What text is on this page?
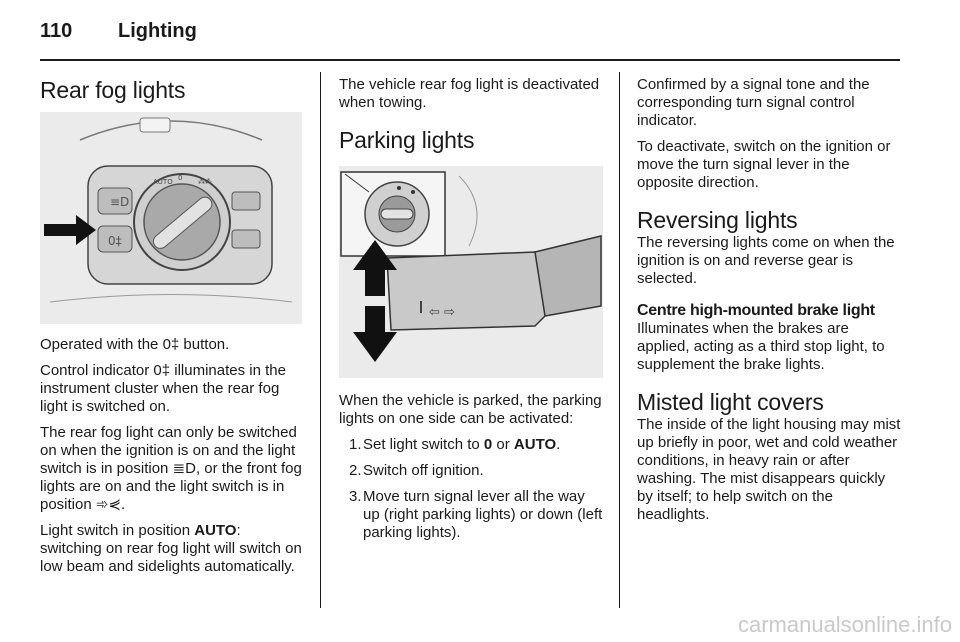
110 Lighting
Rear fog lights
≡D
0‡
AUTO 0 ⁂⁂

Operated with the 0‡ button.

Control indicator 0‡ illuminates in the instrument cluster when the rear fog light is switched on.

The rear fog light can only be switched on when the ignition is on and the light switch is in position ≣D, or the front fog lights are on and the light switch is in position ➾⋞.

Light switch in position AUTO: switching on rear fog light will switch on low beam and sidelights automatically.

The vehicle rear fog light is deactivated when towing.

Parking lights
⇦ ⇨

When the vehicle is parked, the parking lights on one side can be activated:

1. Set light switch to 0 or AUTO.
2. Switch off ignition.
3. Move turn signal lever all the way up (right parking lights) or down (left parking lights).

Confirmed by a signal tone and the corresponding turn signal control indicator.

To deactivate, switch on the ignition or move the turn signal lever in the opposite direction.

Reversing lights

The reversing lights come on when the ignition is on and reverse gear is selected.

Centre high-mounted brake light

Illuminates when the brakes are applied, acting as a third stop light, to supplement the brake lights.

Misted light covers

The inside of the light housing may mist up briefly in poor, wet and cold weather conditions, in heavy rain or after washing. The mist disappears quickly by itself; to help switch on the headlights.

carmanualsonline.info
